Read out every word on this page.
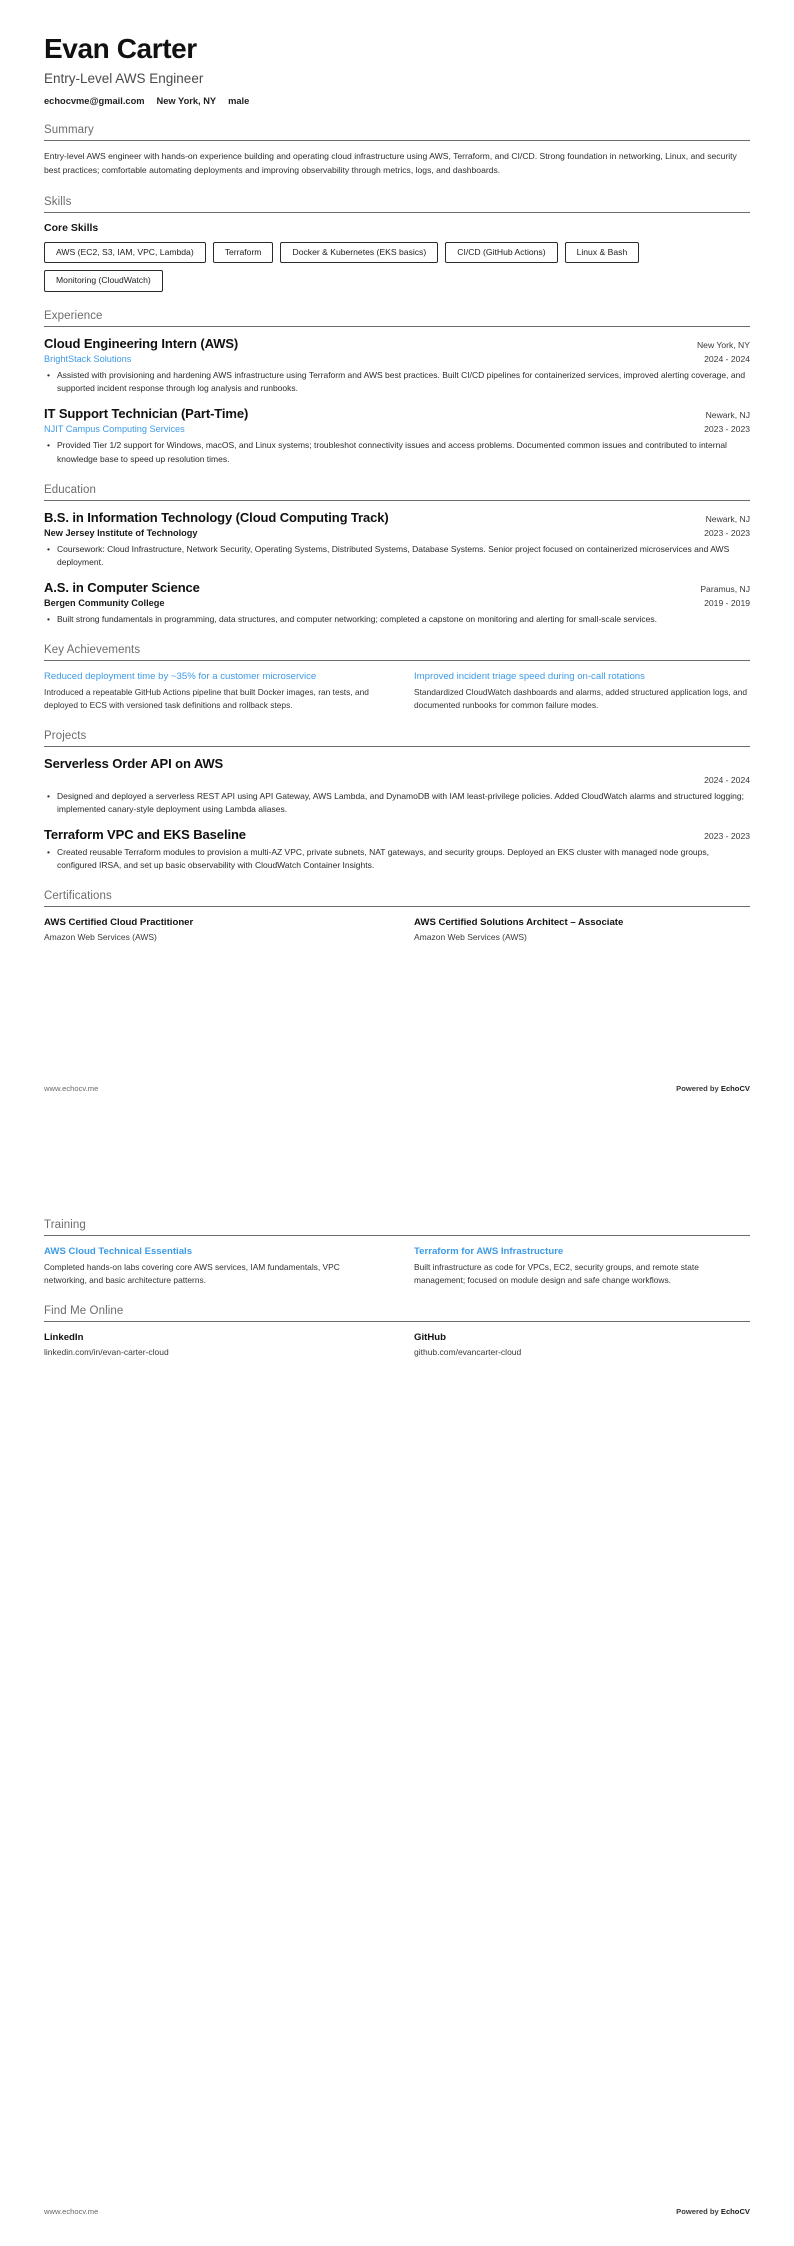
Evan Carter
Entry-Level AWS Engineer
echocvme@gmail.com New York, NY male
Summary
Entry-level AWS engineer with hands-on experience building and operating cloud infrastructure using AWS, Terraform, and CI/CD. Strong foundation in networking, Linux, and security best practices; comfortable automating deployments and improving observability through metrics, logs, and dashboards.
Skills
Core Skills
AWS (EC2, S3, IAM, VPC, Lambda)	Terraform	Docker & Kubernetes (EKS basics)	CI/CD (GitHub Actions)	Linux & Bash
Monitoring (CloudWatch)
Experience
Cloud Engineering Intern (AWS)	New York, NY
BrightStack Solutions	2024 - 2024
• Assisted with provisioning and hardening AWS infrastructure using Terraform and AWS best practices. Built CI/CD pipelines for containerized services, improved alerting coverage, and supported incident response through log analysis and runbooks.
IT Support Technician (Part-Time)	Newark, NJ
NJIT Campus Computing Services	2023 - 2023
• Provided Tier 1/2 support for Windows, macOS, and Linux systems; troubleshot connectivity issues and access problems. Documented common issues and contributed to internal knowledge base to speed up resolution times.
Education
B.S. in Information Technology (Cloud Computing Track)	Newark, NJ
New Jersey Institute of Technology	2023 - 2023
• Coursework: Cloud Infrastructure, Network Security, Operating Systems, Distributed Systems, Database Systems. Senior project focused on containerized microservices and AWS deployment.
A.S. in Computer Science	Paramus, NJ
Bergen Community College	2019 - 2019
• Built strong fundamentals in programming, data structures, and computer networking; completed a capstone on monitoring and alerting for small-scale services.
Key Achievements
Reduced deployment time by ~35% for a customer microservice
Introduced a repeatable GitHub Actions pipeline that built Docker images, ran tests, and deployed to ECS with versioned task definitions and rollback steps.
Improved incident triage speed during on-call rotations
Standardized CloudWatch dashboards and alarms, added structured application logs, and documented runbooks for common failure modes.
Projects
Serverless Order API on AWS

2024 - 2024
• Designed and deployed a serverless REST API using API Gateway, AWS Lambda, and DynamoDB with IAM least-privilege policies. Added CloudWatch alarms and structured logging; implemented canary-style deployment using Lambda aliases.
Terraform VPC and EKS Baseline	2023 - 2023
• Created reusable Terraform modules to provision a multi-AZ VPC, private subnets, NAT gateways, and security groups. Deployed an EKS cluster with managed node groups, configured IRSA, and set up basic observability with CloudWatch Container Insights.
Certifications
AWS Certified Cloud Practitioner
Amazon Web Services (AWS)
AWS Certified Solutions Architect – Associate
Amazon Web Services (AWS)
www.echocv.me	Powered by EchoCV
Training
AWS Cloud Technical Essentials
Completed hands-on labs covering core AWS services, IAM fundamentals, VPC networking, and basic architecture patterns.
Terraform for AWS Infrastructure
Built infrastructure as code for VPCs, EC2, security groups, and remote state management; focused on module design and safe change workflows.
Find Me Online
LinkedIn
linkedin.com/in/evan-carter-cloud
GitHub
github.com/evancarter-cloud
www.echocv.me	Powered by EchoCV
